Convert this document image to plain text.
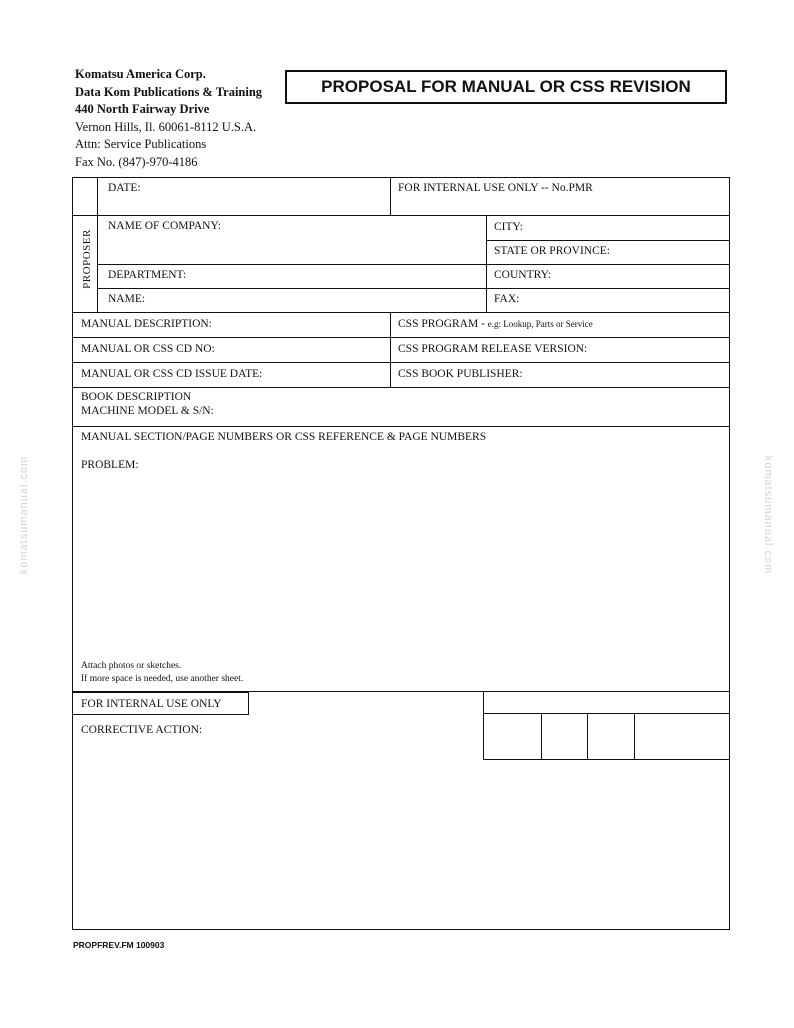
Komatsu America Corp.
Data Kom Publications & Training
440 North Fairway Drive
Vernon Hills, Il. 60061-8112 U.S.A.
Attn: Service Publications
Fax No. (847)-970-4186
PROPOSAL FOR MANUAL OR CSS REVISION
DATE:	FOR INTERNAL USE ONLY -- No.PMR
PROPOSER
NAME OF COMPANY:	CITY:
STATE OR PROVINCE:
DEPARTMENT:	COUNTRY:
NAME:	FAX:
MANUAL DESCRIPTION:	CSS PROGRAM - e.g: Lookup, Parts or Service
MANUAL OR CSS CD NO:	CSS PROGRAM RELEASE VERSION:
MANUAL OR CSS CD ISSUE DATE:	CSS BOOK PUBLISHER:
BOOK DESCRIPTION
MACHINE MODEL & S/N:
MANUAL SECTION/PAGE NUMBERS OR CSS REFERENCE & PAGE NUMBERS
PROBLEM:
Attach photos or sketches.
If more space is needed, use another sheet.
FOR INTERNAL USE ONLY
CORRECTIVE ACTION:
komatsumanual.com	komatsumanual.com
PROPFREV.FM 100903
